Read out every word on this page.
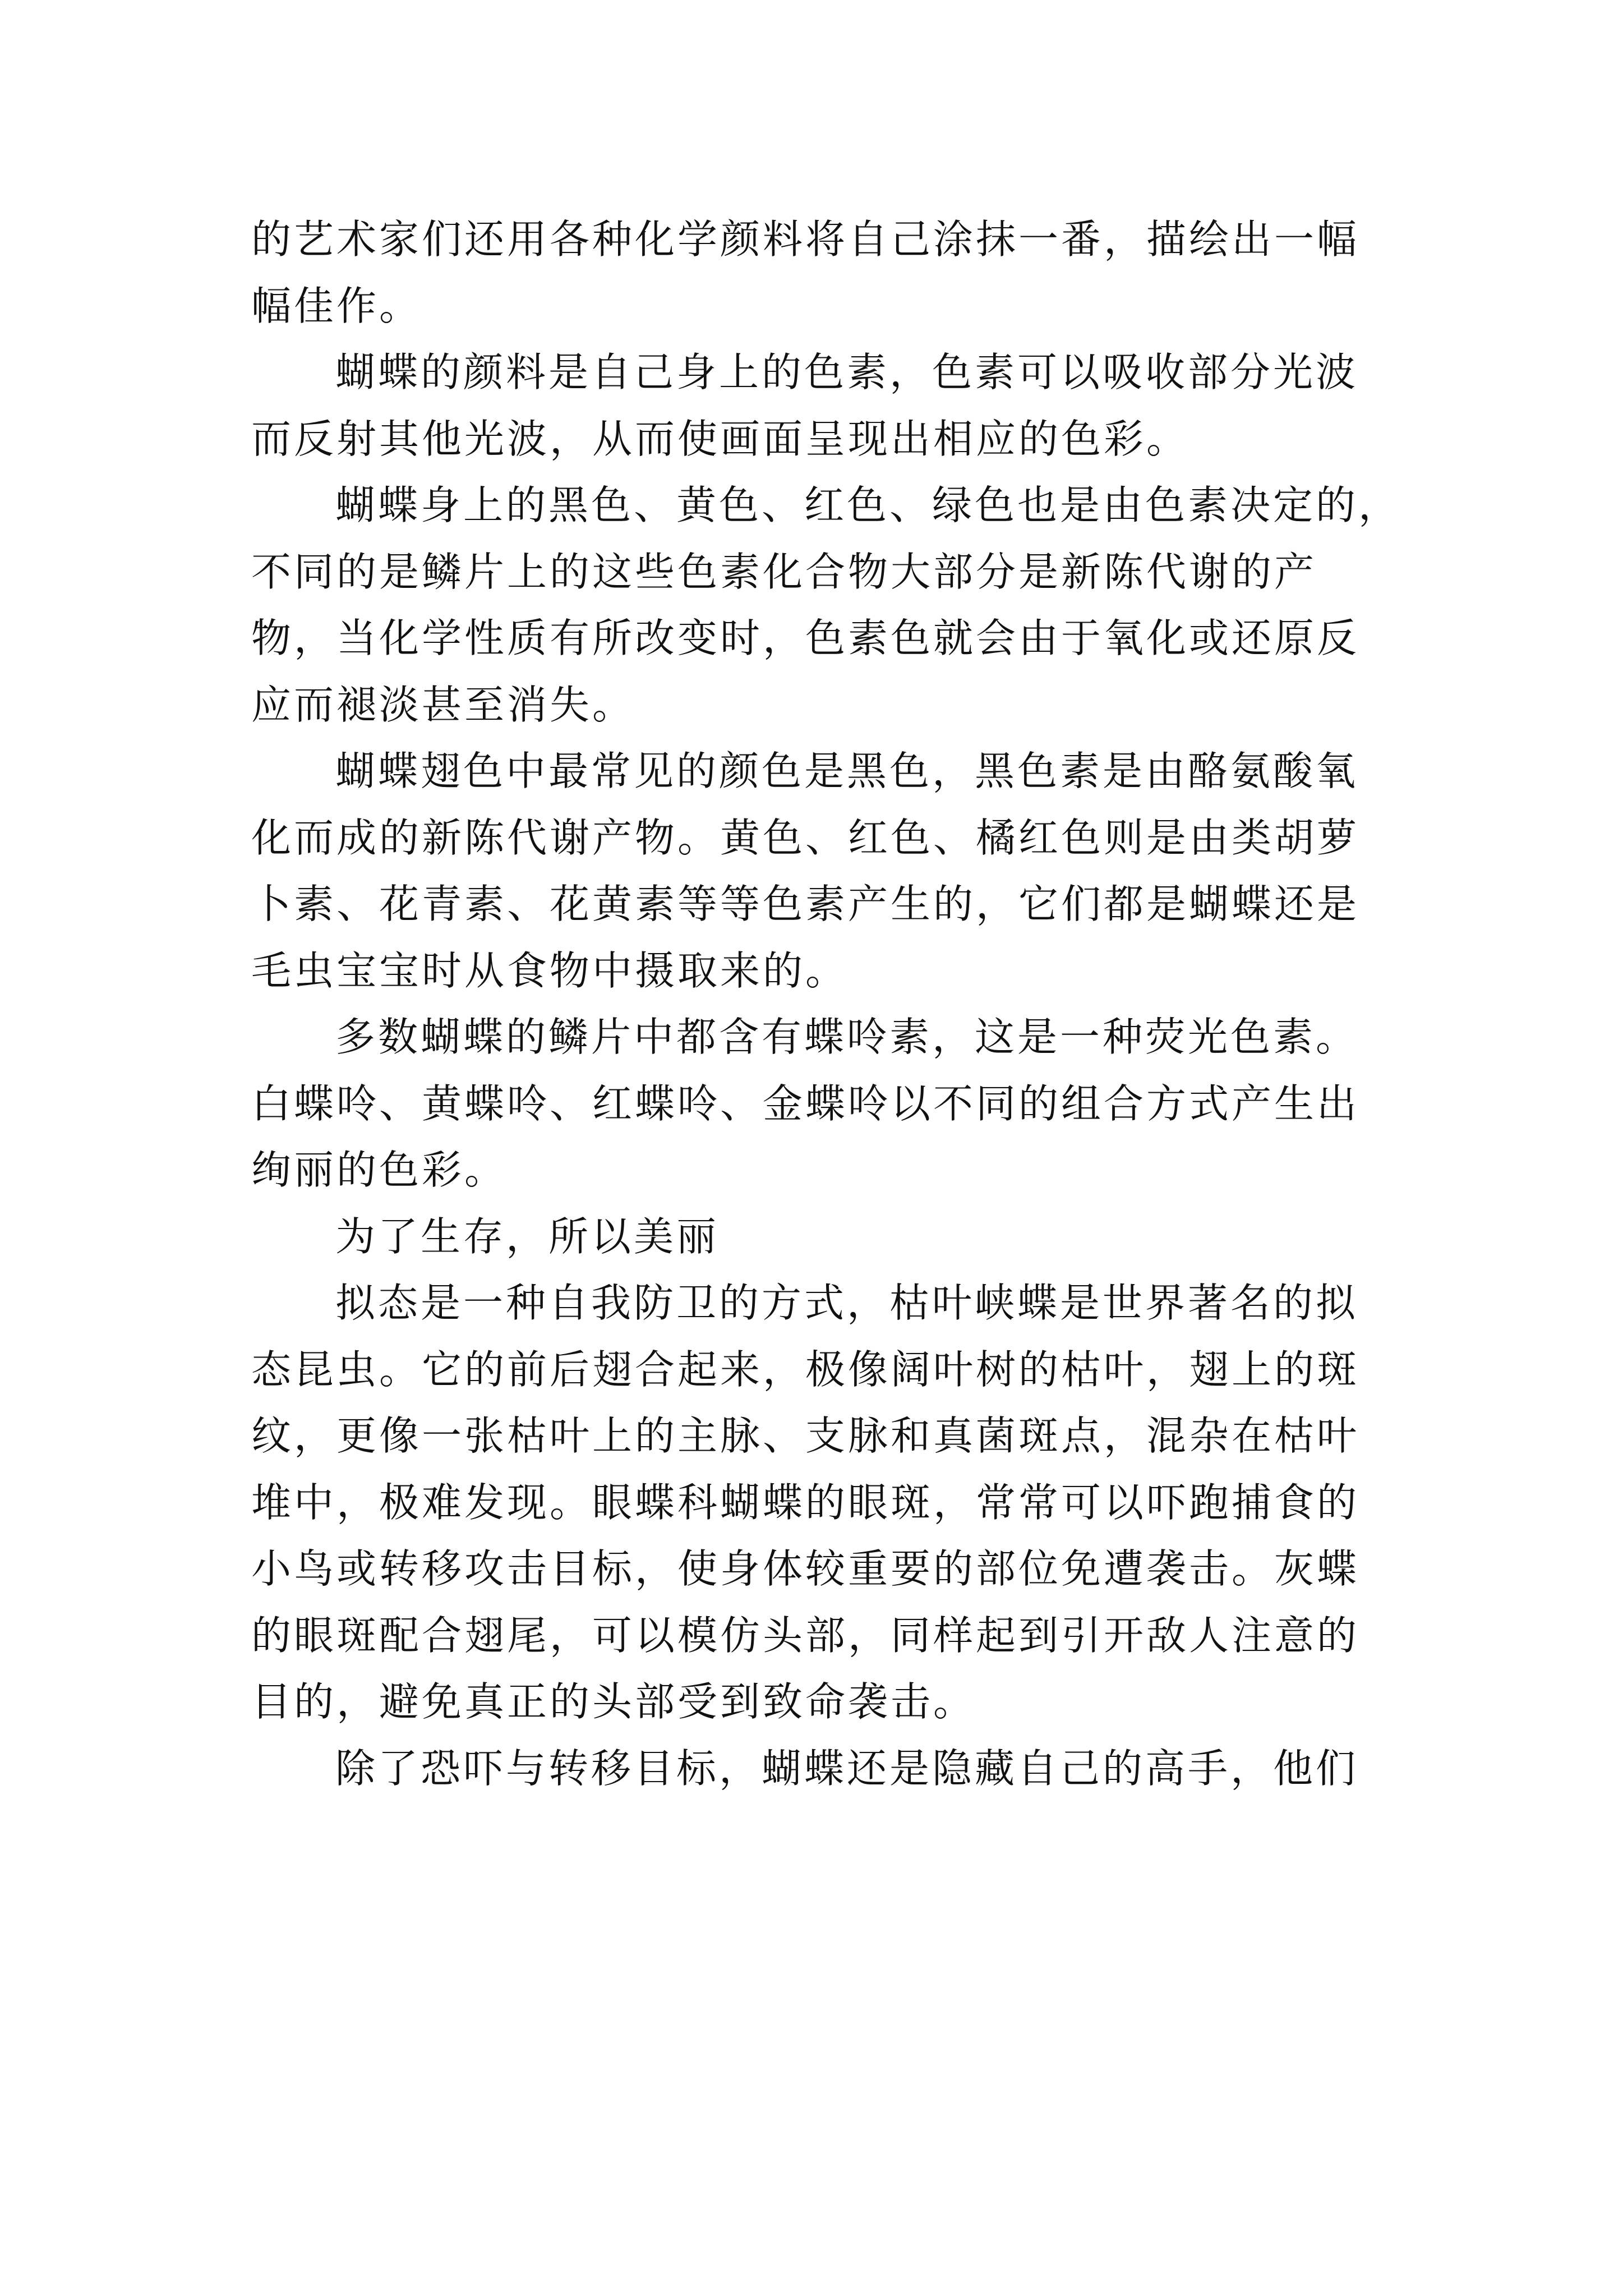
的艺术家们还用各种化学颜料将自己涂抹一番，描绘出一幅
幅佳作。
蝴蝶的颜料是自己身上的色素，色素可以吸收部分光波
而反射其他光波，从而使画面呈现出相应的色彩。
蝴蝶身上的黑色、黄色、红色、绿色也是由色素决定的，
不同的是鳞片上的这些色素化合物大部分是新陈代谢的产
物，当化学性质有所改变时，色素色就会由于氧化或还原反
应而褪淡甚至消失。
蝴蝶翅色中最常见的颜色是黑色，黑色素是由酪氨酸氧
化而成的新陈代谢产物。黄色、红色、橘红色则是由类胡萝
卜素、花青素、花黄素等等色素产生的，它们都是蝴蝶还是
毛虫宝宝时从食物中摄取来的。
多数蝴蝶的鳞片中都含有蝶呤素，这是一种荧光色素。
白蝶呤、黄蝶呤、红蝶呤、金蝶呤以不同的组合方式产生出
绚丽的色彩。
为了生存，所以美丽
拟态是一种自我防卫的方式，枯叶峡蝶是世界著名的拟
态昆虫。它的前后翅合起来，极像阔叶树的枯叶，翅上的斑
纹，更像一张枯叶上的主脉、支脉和真菌斑点，混杂在枯叶
堆中，极难发现。眼蝶科蝴蝶的眼斑，常常可以吓跑捕食的
小鸟或转移攻击目标，使身体较重要的部位免遭袭击。灰蝶
的眼斑配合翅尾，可以模仿头部，同样起到引开敌人注意的
目的，避免真正的头部受到致命袭击。
除了恐吓与转移目标，蝴蝶还是隐藏自己的高手，他们
